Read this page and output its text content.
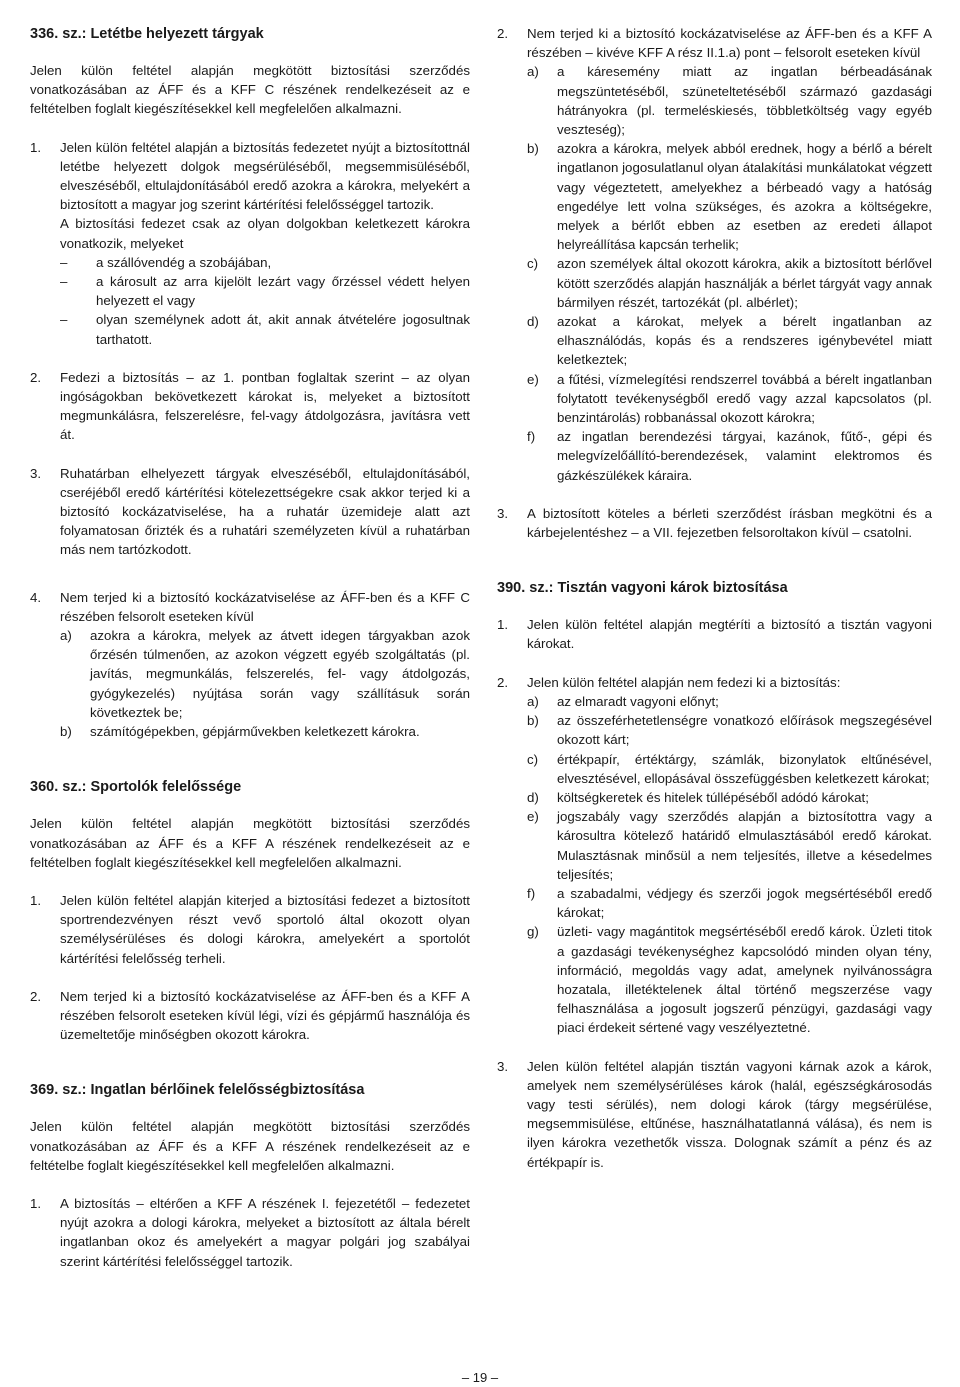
336. sz.: Letétbe helyezett tárgyak

Jelen külön feltétel alapján megkötött biztosítási szerződés vonatkozásában az ÁFF és a KFF C részének rendelkezéseit az e feltételben foglalt kiegészítésekkel kell megfelelően alkalmazni.

1.	Jelen külön feltétel alapján a biztosítás fedezetet nyújt a biztosítottnál letétbe helyezett dolgok megsérüléséből, megsemmisüléséből, elveszéséből, eltulajdonításából eredő azokra a károkra, melyekért a biztosított a magyar jog szerint kártérítési felelősséggel tartozik.

A biztosítási fedezet csak az olyan dolgokban keletkezett károkra vonatkozik, melyeket

–	a szállóvendég a szobájában,
–	a károsult az arra kijelölt lezárt vagy őrzéssel védett helyen helyezett el vagy
–	olyan személynek adott át, akit annak átvételére jogosultnak tarthatott.
2.	Fedezi a biztosítás – az 1. pontban foglaltak szerint – az olyan ingóságokban bekövetkezett károkat is, melyeket a biztosított megmunkálásra, felszerelésre, fel-vagy átdolgozásra, javításra vett át.
3.	Ruhatárban elhelyezett tárgyak elveszéséből, eltulajdonításából, cseréjéből eredő kártérítési kötelezettségekre csak akkor terjed ki a biztosító kockázatviselése, ha a ruhatár üzemideje alatt azt folyamatosan őrizték és a ruhatári személyzeten kívül a ruhatárban más nem tartózkodott.
4.	Nem terjed ki a biztosító kockázatviselése az ÁFF-ben és a KFF C részében felsorolt eseteken kívül

a)	azokra a károkra, melyek az átvett idegen tárgyakban azok őrzésén túlmenően, az azokon végzett egyéb szolgáltatás (pl. javítás, megmunkálás, felszerelés, fel- vagy átdolgozás, gyógykezelés) nyújtása során vagy szállításuk során következtek be;
b)	számítógépekben, gépjárművekben keletkezett károkra.
360. sz.: Sportolók felelőssége

Jelen külön feltétel alapján megkötött biztosítási szerződés vonatkozásában az ÁFF és a KFF A részének rendelkezéseit az e feltételben foglalt kiegészítésekkel kell megfelelően alkalmazni.

1.	Jelen külön feltétel alapján kiterjed a biztosítási fedezet a biztosított sportrendezvényen részt vevő sportoló által okozott olyan személysérüléses és dologi károkra, amelyekért a sportolót kártérítési felelősség terheli.
2.	Nem terjed ki a biztosító kockázatviselése az ÁFF-ben és a KFF A részében felsorolt eseteken kívül légi, vízi és gépjármű használója és üzemeltetője minőségben okozott károkra.
369. sz.: Ingatlan bérlőinek felelősségbiztosítása

Jelen külön feltétel alapján megkötött biztosítási szerződés vonatkozásában az ÁFF és a KFF A részének rendelkezéseit az e feltételbe foglalt kiegészítésekkel kell megfelelően alkalmazni.

1.	A biztosítás – eltérően a KFF A részének I. fejezetétől – fedezetet nyújt azokra a dologi károkra, melyeket a biztosított az általa bérelt ingatlanban okoz és amelyekért a magyar polgári jog szabályai szerint kártérítési felelősséggel tartozik.
2.	Nem terjed ki a biztosító kockázatviselése az ÁFF-ben és a KFF A részében – kivéve KFF A rész II.1.a) pont – felsorolt eseteken kívül

a)	a káresemény miatt az ingatlan bérbeadásának megszüntetéséből, szüneteltetéséből származó gazdasági hátrányokra (pl. termeléskiesés, többletköltség vagy egyéb veszteség);
b)	azokra a károkra, melyek abból erednek, hogy a bérlő a bérelt ingatlanon jogosulatlanul olyan átalakítási munkálatokat végzett vagy végeztetett, amelyekhez a bérbeadó vagy a hatóság engedélye lett volna szükséges, és azokra a költségekre, melyek a bérlőt ebben az esetben az eredeti állapot helyreállítása kapcsán terhelik;
c)	azon személyek által okozott károkra, akik a biztosított bérlővel kötött szerződés alapján használják a bérlet tárgyát vagy annak bármilyen részét, tartozékát (pl. albérlet);
d)	azokat a károkat, melyek a bérelt ingatlanban az elhasználódás, kopás és a rendszeres igénybevétel miatt keletkeztek;
e)	a fűtési, vízmelegítési rendszerrel továbbá a bérelt ingatlanban folytatott tevékenységből eredő vagy azzal kapcsolatos (pl. benzintárolás) robbanással okozott károkra;
f)	az ingatlan berendezési tárgyai, kazánok, fűtő-, gépi és melegvízelőállító-berendezések, valamint elektromos és gázkészülékek káraira.
3.	A biztosított köteles a bérleti szerződést írásban megkötni és a kárbejelentéshez – a VII. fejezetben felsoroltakon kívül – csatolni.
390. sz.: Tisztán vagyoni károk biztosítása
1.	Jelen külön feltétel alapján megtéríti a biztosító a tisztán vagyoni károkat.
2.	Jelen külön feltétel alapján nem fedezi ki a biztosítás:

a)	az elmaradt vagyoni előnyt;
b)	az összeférhetetlenségre vonatkozó előírások megszegésével okozott kárt;
c)	értékpapír, értéktárgy, számlák, bizonylatok eltűnésével, elvesztésével, ellopásával összefüggésben keletkezett károkat;
d)	költségkeretek és hitelek túllépéséből adódó károkat;
e)	jogszabály vagy szerződés alapján a biztosítottra vagy a károsultra kötelező határidő elmulasztásából eredő károkat. Mulasztásnak minősül a nem teljesítés, illetve a késedelmes teljesítés;
f)	a szabadalmi, védjegy és szerzői jogok megsértéséből eredő károkat;
g)	üzleti- vagy magántitok megsértéséből eredő károk. Üzleti titok a gazdasági tevékenységhez kapcsolódó minden olyan tény, információ, megoldás vagy adat, amelynek nyilvánosságra hozatala, illetéktelenek által történő megszerzése vagy felhasználása a jogosult jogszerű pénzügyi, gazdasági vagy piaci érdekeit sértené vagy veszélyeztetné.
3.	Jelen külön feltétel alapján tisztán vagyoni kárnak azok a károk, amelyek nem személysérüléses károk (halál, egészségkárosodás vagy testi sérülés), nem dologi károk (tárgy megsérülése, megsemmisülése, eltűnése, használhatatlanná válása), és nem is ilyen károkra vezethetők vissza. Dolognak számít a pénz és az értékpapír is.
– 19 –
